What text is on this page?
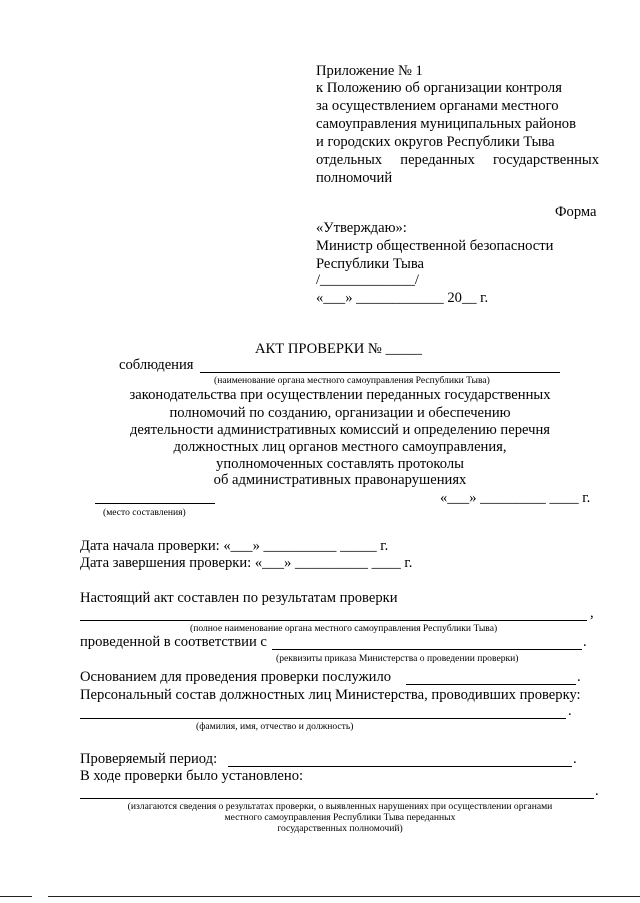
Приложение № 1
к Положению об организации контроля
за осуществлением органами местного
самоуправления муниципальных районов
и городских округов Республики Тыва
отдельных переданных государственных
полномочий
Форма
«Утверждаю»:
Министр общественной безопасности
Республики Тыва
/_____________/
«___» ____________ 20__ г.
АКТ ПРОВЕРКИ № _____
соблюдения
(наименование органа местного самоуправления Республики Тыва)
законодательства при осуществлении переданных государственных
полномочий по созданию, организации и обеспечению
деятельности административных комиссий и определению перечня
должностных лиц органов местного самоуправления,
уполномоченных составлять протоколы
об административных правонарушениях
«___» _________ ____ г.
(место составления)
Дата начала проверки: «___» __________ _____ г.
Дата завершения проверки: «___» __________ ____ г.
Настоящий акт составлен по результатам проверки
,
(полное наименование органа местного самоуправления Республики Тыва)
проведенной в соответствии с	.
(реквизиты приказа Министерства о проведении проверки)
Основанием для проведения проверки послужило	.
Персональный состав должностных лиц Министерства, проводивших проверку:
.
(фамилия, имя, отчество и должность)
Проверяемый период:	.
В ходе проверки было установлено:
.
(излагаются сведения о результатах проверки, о выявленных нарушениях при осуществлении органами
местного самоуправления Республики Тыва переданных
государственных полномочий)
